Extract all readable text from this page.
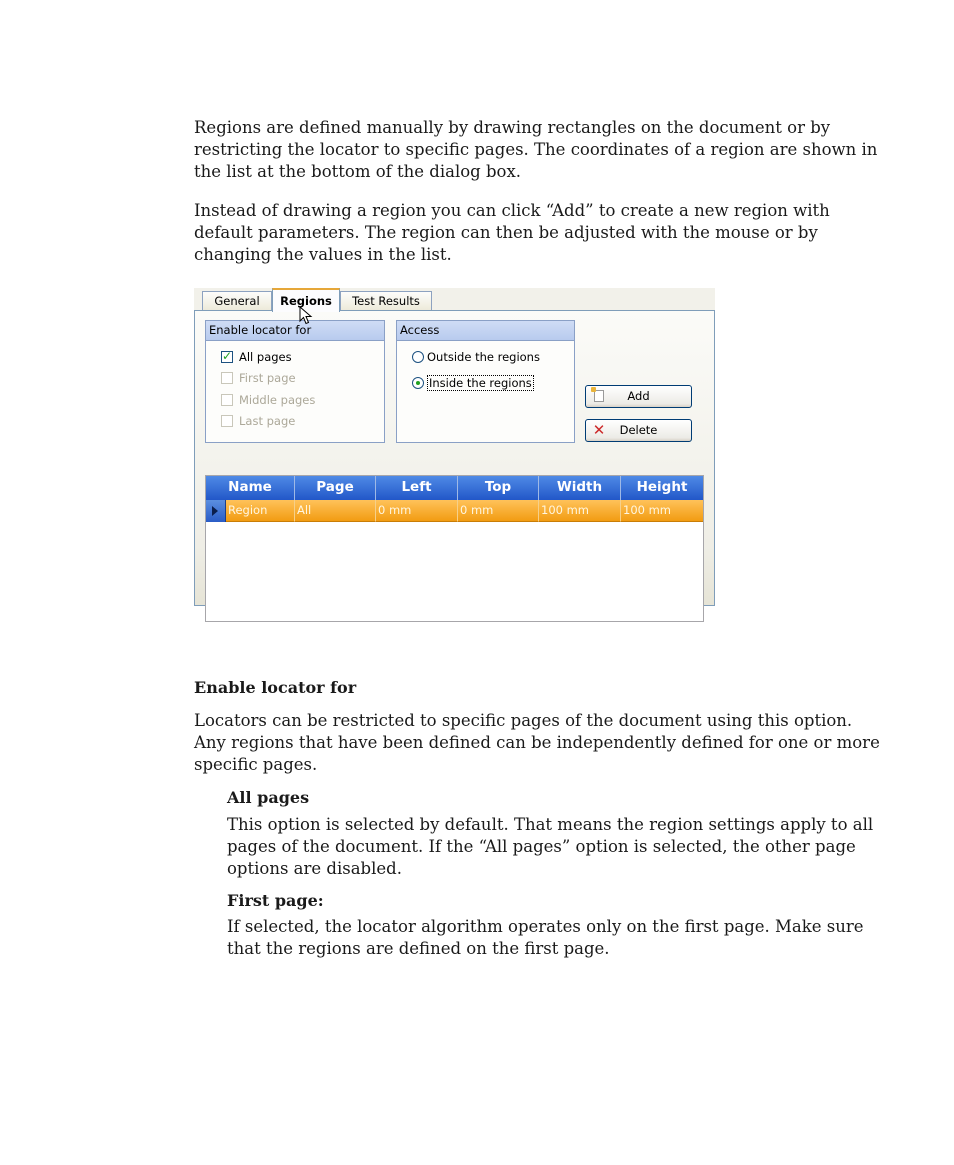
Regions are defined manually by drawing rectangles on the document or by restricting the locator to specific pages. The coordinates of a region are shown in the list at the bottom of the dialog box.

Instead of drawing a region you can click “Add” to create a new region with default parameters. The region can then be adjusted with the mouse or by changing the values in the list.

General	Regions	Test Results
Enable locator for
✓ All pages
First page
Middle pages
Last page
Access
Outside the regions
Inside the regions
Add
✕ Delete
Name	Page	Left	Top	Width	Height
Region	All	0 mm	0 mm	100 mm	100 mm

Enable locator for

Locators can be restricted to specific pages of the document using this option. Any regions that have been defined can be independently defined for one or more specific pages.

All pages

This option is selected by default. That means the region settings apply to all pages of the document. If the “All pages” option is selected, the other page options are disabled.

First page:

If selected, the locator algorithm operates only on the first page. Make sure that the regions are defined on the first page.
